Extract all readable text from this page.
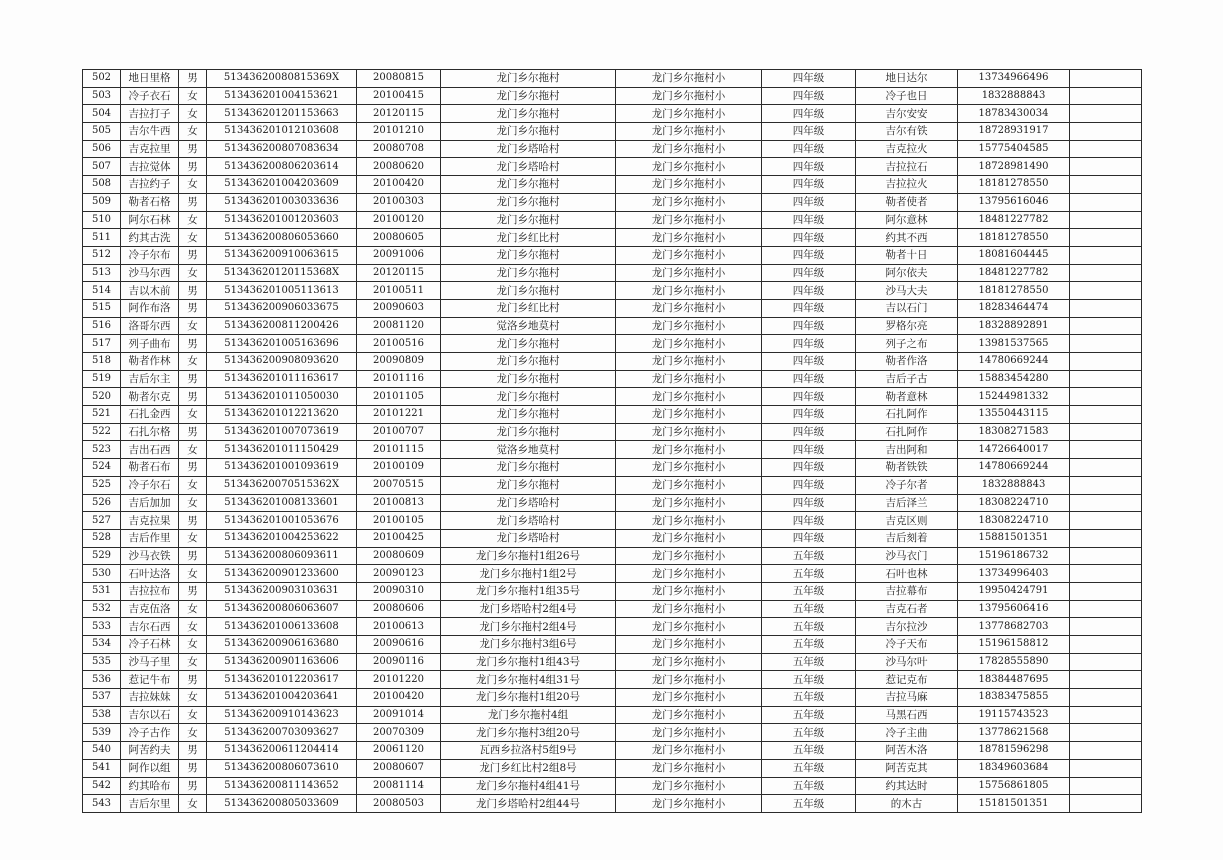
502	地日里格	男	51343620080815369X	20080815	龙门乡尔拖村	龙门乡尔拖村小	四年级	地日达尔	13734966496	
503	冷子衣石	女	513436201004153621	20100415	龙门乡尔拖村	龙门乡尔拖村小	四年级	冷子也日	1832888843	
504	吉拉打子	女	513436201201153663	20120115	龙门乡尔拖村	龙门乡尔拖村小	四年级	吉尔安安	18783430034	
505	吉尔牛西	女	513436201012103608	20101210	龙门乡尔拖村	龙门乡尔拖村小	四年级	吉尔有铁	18728931917	
506	吉克拉里	男	513436200807083634	20080708	龙门乡塔哈村	龙门乡尔拖村小	四年级	吉克拉火	15775404585	
507	吉拉觉体	男	513436200806203614	20080620	龙门乡塔哈村	龙门乡尔拖村小	四年级	吉拉拉石	18728981490	
508	吉拉约子	女	513436201004203609	20100420	龙门乡尔拖村	龙门乡尔拖村小	四年级	吉拉拉火	18181278550	
509	勒者石格	男	513436201003033636	20100303	龙门乡尔拖村	龙门乡尔拖村小	四年级	勒者使者	13795616046	
510	阿尔石林	女	513436201001203603	20100120	龙门乡尔拖村	龙门乡尔拖村小	四年级	阿尔意林	18481227782	
511	约其古洗	女	513436200806053660	20080605	龙门乡红比村	龙门乡尔拖村小	四年级	约其不西	18181278550	
512	冷子尔布	男	513436200910063615	20091006	龙门乡尔拖村	龙门乡尔拖村小	四年级	勒者十日	18081604445	
513	沙马尔西	女	51343620120115368X	20120115	龙门乡尔拖村	龙门乡尔拖村小	四年级	阿尔依夫	18481227782	
514	吉以木前	男	513436201005113613	20100511	龙门乡尔拖村	龙门乡尔拖村小	四年级	沙马大夫	18181278550	
515	阿作布洛	男	513436200906033675	20090603	龙门乡红比村	龙门乡尔拖村小	四年级	吉以石门	18283464474	
516	洛哥尔西	女	513436200811200426	20081120	觉洛乡地莫村	龙门乡尔拖村小	四年级	罗格尔亮	18328892891	
517	列子曲布	男	513436201005163696	20100516	龙门乡尔拖村	龙门乡尔拖村小	四年级	列子之布	13981537565	
518	勒者作林	女	513436200908093620	20090809	龙门乡尔拖村	龙门乡尔拖村小	四年级	勒者作洛	14780669244	
519	吉后尔主	男	513436201011163617	20101116	龙门乡尔拖村	龙门乡尔拖村小	四年级	吉后子古	15883454280	
520	勒者尔克	男	513436201011050030	20101105	龙门乡尔拖村	龙门乡尔拖村小	四年级	勒者意林	15244981332	
521	石扎金西	女	513436201012213620	20101221	龙门乡尔拖村	龙门乡尔拖村小	四年级	石扎阿作	13550443115	
522	石扎尔格	男	513436201007073619	20100707	龙门乡尔拖村	龙门乡尔拖村小	四年级	石扎阿作	18308271583	
523	吉出石西	女	513436201011150429	20101115	觉洛乡地莫村	龙门乡尔拖村小	四年级	吉出阿和	14726640017	
524	勒者石布	男	513436201001093619	20100109	龙门乡尔拖村	龙门乡尔拖村小	四年级	勒者铁铁	14780669244	
525	冷子尔石	女	51343620070515362X	20070515	龙门乡尔拖村	龙门乡尔拖村小	四年级	冷子尔者	1832888843	
526	吉后加加	女	513436201008133601	20100813	龙门乡塔哈村	龙门乡尔拖村小	四年级	吉后泽兰	18308224710	
527	吉克拉果	男	513436201001053676	20100105	龙门乡塔哈村	龙门乡尔拖村小	四年级	吉克区则	18308224710	
528	吉后作里	女	513436201004253622	20100425	龙门乡塔哈村	龙门乡尔拖村小	四年级	吉后刻着	15881501351	
529	沙马衣铁	男	513436200806093611	20080609	龙门乡尔拖村1组26号	龙门乡尔拖村小	五年级	沙马衣门	15196186732	
530	石叶达洛	女	513436200901233600	20090123	龙门乡尔拖村1组2号	龙门乡尔拖村小	五年级	石叶也林	13734996403	
531	吉拉拉布	男	513436200903103631	20090310	龙门乡尔拖村1组35号	龙门乡尔拖村小	五年级	吉拉幕布	19950424791	
532	吉克伍洛	女	513436200806063607	20080606	龙门乡塔哈村2组4号	龙门乡尔拖村小	五年级	吉克石者	13795606416	
533	吉尔石西	女	513436201006133608	20100613	龙门乡尔拖村2组4号	龙门乡尔拖村小	五年级	吉尔拉沙	13778682703	
534	冷子石林	女	513436200906163680	20090616	龙门乡尔拖村3组6号	龙门乡尔拖村小	五年级	冷子天布	15196158812	
535	沙马子里	女	513436200901163606	20090116	龙门乡尔拖村1组43号	龙门乡尔拖村小	五年级	沙马尔叶	17828555890	
536	惹记牛布	男	513436201012203617	20101220	龙门乡尔拖村4组31号	龙门乡尔拖村小	五年级	惹记克布	18384487695	
537	吉拉妹妹	女	513436201004203641	20100420	龙门乡尔拖村1组20号	龙门乡尔拖村小	五年级	吉拉马麻	18383475855	
538	吉尔以石	女	513436200910143623	20091014	龙门乡尔拖村4组	龙门乡尔拖村小	五年级	马黑石西	19115743523	
539	冷子古作	女	513436200703093627	20070309	龙门乡尔拖村3组20号	龙门乡尔拖村小	五年级	冷子主曲	13778621568	
540	阿苦约夫	男	513436200611204414	20061120	瓦西乡拉洛村5组9号	龙门乡尔拖村小	五年级	阿苦木洛	18781596298	
541	阿作以组	男	513436200806073610	20080607	龙门乡红比村2组8号	龙门乡尔拖村小	五年级	阿苦克其	18349603684	
542	约其哈布	男	513436200811143652	20081114	龙门乡尔拖村4组41号	龙门乡尔拖村小	五年级	约其达时	15756861805	
543	吉后尔里	女	513436200805033609	20080503	龙门乡塔哈村2组44号	龙门乡尔拖村小	五年级	的木古	15181501351	
